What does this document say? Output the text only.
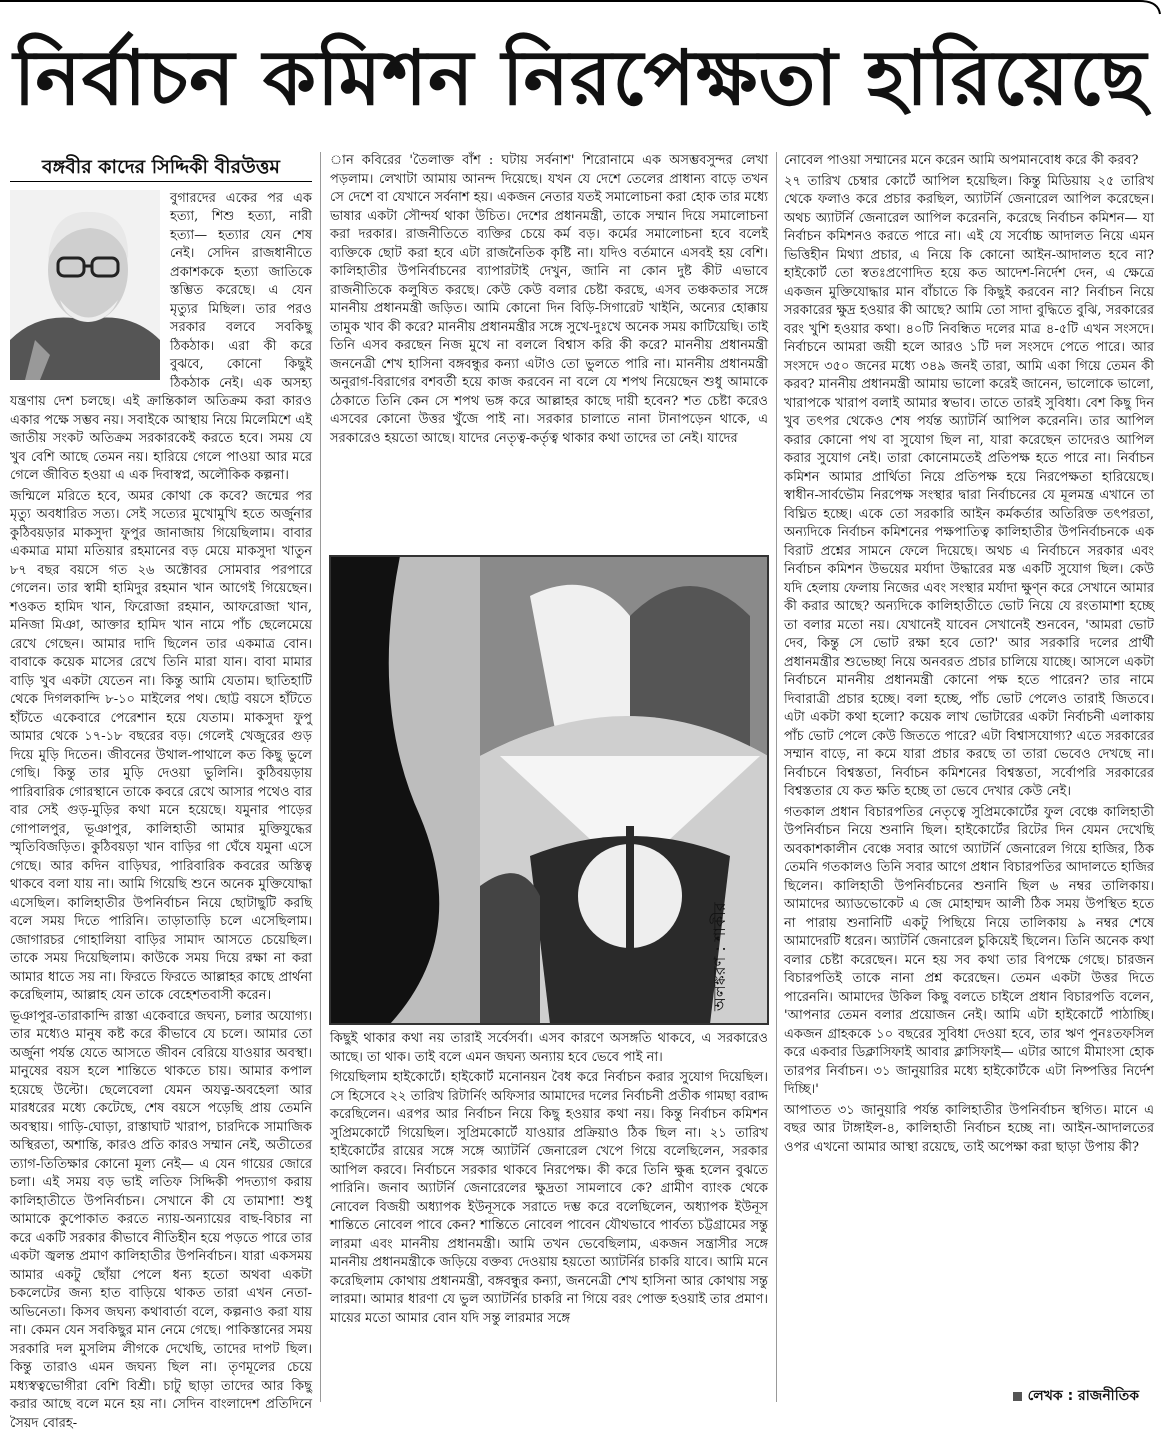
নির্বাচন কমিশন নিরপেক্ষতা হারিয়েছে
বঙ্গবীর কাদের সিদ্দিকী বীরউত্তম

বুগারদের একের পর এক হত্যা, শিশু হত্যা, নারী হত্যা— হত্যার যেন শেষ নেই। সেদিন রাজধানীতে প্রকাশককে হত্যা জাতিকে স্তম্ভিত করেছে। এ যেন মৃত্যুর মিছিল। তার পরও সরকার বলবে সবকিছু ঠিকঠাক। এরা কী করে বুঝবে, কোনো কিছুই ঠিকঠাক নেই। এক অসহ্য যন্ত্রণায় দেশ চলছে। এই ক্রান্তিকাল অতিক্রম করা কারও একার পক্ষে সম্ভব নয়। সবাইকে আস্থায় নিয়ে মিলেমিশে এই জাতীয় সংকট অতিক্রম সরকারকেই করতে হবে। সময় যে খুব বেশি আছে তেমন নয়। হারিয়ে গেলে পাওয়া আর মরে গেলে জীবিত হওয়া এ এক দিবাস্বপ্ন, অলৌকিক কল্পনা।

জন্মিলে মরিতে হবে, অমর কোথা কে কবে? জন্মের পর মৃত্যু অবধারিত সত্য। সেই সত্যের মুখোমুখি হতে অর্জুনার কুঠিবয়ড়ার মাকসুদা ফুপুর জানাজায় গিয়েছিলাম। বাবার একমাত্র মামা মতিয়ার রহমানের বড় মেয়ে মাকসুদা খাতুন ৮৭ বছর বয়সে গত ২৬ অক্টোবর সোমবার পরপারে গেলেন। তার স্বামী হামিদুর রহমান খান আগেই গিয়েছেন। শওকত হামিদ খান, ফিরোজা রহমান, আফরোজা খান, মনিজা মিঞা, আক্তার হামিদ খান নামে পাঁচ ছেলেমেয়ে রেখে গেছেন। আমার দাদি ছিলেন তার একমাত্র বোন। বাবাকে কয়েক মাসের রেখে তিনি মারা যান। বাবা মামার বাড়ি খুব একটা যেতেন না। কিন্তু আমি যেতাম। ছাতিহাটি থেকে দিগলকান্দি ৮-১০ মাইলের পথ। ছোট্ট বয়সে হাঁটতে হাঁটতে একেবারে পেরেশান হয়ে যেতাম। মাকসুদা ফুপু আমার থেকে ১৭-১৮ বছরের বড়। গেলেই খেজুরের গুড় দিয়ে মুড়ি দিতেন। জীবনের উথাল-পাথালে কত কিছু ভুলে গেছি। কিন্তু তার মুড়ি দেওয়া ভুলিনি। কুঠিবয়ড়ায় পারিবারিক গোরস্থানে তাকে কবরে রেখে আসার পথেও বার বার সেই গুড়-মুড়ির কথা মনে হয়েছে। যমুনার পাড়ের গোপালপুর, ভূঞাপুর, কালিহাতী আমার মুক্তিযুদ্ধের স্মৃতিবিজড়িত। কুঠিবয়ড়া খান বাড়ির গা ঘেঁষে যমুনা এসে গেছে। আর কদিন বাড়িঘর, পারিবারিক কবরের অস্তিত্ব থাকবে বলা যায় না। আমি গিয়েছি শুনে অনেক মুক্তিযোদ্ধা এসেছিল। কালিহাতীর উপনির্বাচন নিয়ে ছোটাছুটি করছি বলে সময় দিতে পারিনি। তাড়াতাড়ি চলে এসেছিলাম। জোগারচর গোহালিয়া বাড়ির সামাদ আসতে চেয়েছিল। তাকে সময় দিয়েছিলাম। কাউকে সময় দিয়ে রক্ষা না করা আমার ধাতে সয় না। ফিরতে ফিরতে আল্লাহর কাছে প্রার্থনা করেছিলাম, আল্লাহ যেন তাকে বেহেশতবাসী করেন।

ভূঞাপুর-তারাকান্দি রাস্তা একেবারে জঘন্য, চলার অযোগ্য। তার মধ্যেও মানুষ কষ্ট করে কীভাবে যে চলে। আমার তো অর্জুনা পর্যন্ত যেতে আসতে জীবন বেরিয়ে যাওয়ার অবস্থা। মানুষের বয়স হলে শান্তিতে থাকতে চায়। আমার কপাল হয়েছে উল্টো। ছেলেবেলা যেমন অযত্ন-অবহেলা আর মারধরের মধ্যে কেটেছে, শেষ বয়সে পড়েছি প্রায় তেমনি অবস্থায়। গাড়ি-ঘোড়া, রাস্তাঘাট খারাপ, চারদিকে সামাজিক অস্থিরতা, অশান্তি, কারও প্রতি কারও সম্মান নেই, অতীতের ত্যাগ-তিতিক্ষার কোনো মূল্য নেই— এ যেন গায়ের জোরে চলা। এই সময় বড় ভাই লতিফ সিদ্দিকী পদত্যাগ করায় কালিহাতীতে উপনির্বাচন। সেখানে কী যে তামাশা! শুধু আমাকে কুপোকাত করতে ন্যায়-অন্যায়ের বাছ-বিচার না করে একটি সরকার কীভাবে নীতিহীন হয়ে পড়তে পারে তার একটা জ্বলন্ত প্রমাণ কালিহাতীর উপনির্বাচন। যারা একসময় আমার একটু ছোঁয়া পেলে ধন্য হতো অথবা একটা চকলেটের জন্য হাত বাড়িয়ে থাকত তারা এখন নেতা-অভিনেতা। কিসব জঘন্য কথাবার্তা বলে, কল্পনাও করা যায় না। কেমন যেন সবকিছুর মান নেমে গেছে। পাকিস্তানের সময় সরকারি দল মুসলিম লীগকে দেখেছি, তাদের দাপট ছিল। কিন্তু তারাও এমন জঘন্য ছিল না। তৃণমূলের চেয়ে মধ্যস্বত্বভোগীরা বেশি বিশ্রী। চাটু ছাড়া তাদের আর কিছু করার আছে বলে মনে হয় না। সেদিন বাংলাদেশ প্রতিদিনে সৈয়দ বোরহ-

ান কবিরের 'তৈলাক্ত বাঁশ : ঘটায় সর্বনাশ' শিরোনামে এক অসম্ভবসুন্দর লেখা পড়লাম। লেখাটা আমায় আনন্দ দিয়েছে। যখন যে দেশে তেলের প্রাধান্য বাড়ে তখন সে দেশে বা যেখানে সর্বনাশ হয়। একজন নেতার যতই সমালোচনা করা হোক তার মধ্যে ভাষার একটা সৌন্দর্য থাকা উচিত। দেশের প্রধানমন্ত্রী, তাকে সম্মান দিয়ে সমালোচনা করা দরকার। রাজনীতিতে ব্যক্তির চেয়ে কর্ম বড়। কর্মের সমালোচনা হবে বলেই ব্যক্তিকে ছোট করা হবে এটা রাজনৈতিক কৃষ্টি না। যদিও বর্তমানে এসবই হয় বেশি। কালিহাতীর উপনির্বাচনের ব্যাপারটাই দেখুন, জানি না কোন দুষ্ট কীট এভাবে রাজনীতিকে কলুষিত করছে। কেউ কেউ বলার চেষ্টা করছে, এসব তঞ্চকতার সঙ্গে মাননীয় প্রধানমন্ত্রী জড়িত। আমি কোনো দিন বিড়ি-সিগারেট খাইনি, অন্যের হোক্কায় তামুক খাব কী করে? মাননীয় প্রধানমন্ত্রীর সঙ্গে সুখে-দুঃখে অনেক সময় কাটিয়েছি। তাই তিনি এসব করছেন নিজ মুখে না বললে বিশ্বাস করি কী করে? মাননীয় প্রধানমন্ত্রী জননেত্রী শেখ হাসিনা বঙ্গবন্ধুর কন্যা এটাও তো ভুলতে পারি না। মাননীয় প্রধানমন্ত্রী অনুরাগ-বিরাগের বশবর্তী হয়ে কাজ করবেন না বলে যে শপথ নিয়েছেন শুধু আমাকে ঠেকাতে তিনি কেন সে শপথ ভঙ্গ করে আল্লাহর কাছে দায়ী হবেন? শত চেষ্টা করেও এসবের কোনো উত্তর খুঁজে পাই না। সরকার চালাতে নানা টানাপড়েন থাকে, এ সরকারেও হয়তো আছে। যাদের নেতৃত্ব-কর্তৃত্ব থাকার কথা তাদের তা নেই। যাদের

অলঙ্করণ : শাকীর

কিছুই থাকার কথা নয় তারাই সর্বেসর্বা। এসব কারণে অসঙ্গতি থাকবে, এ সরকারেও আছে। তা থাক। তাই বলে এমন জঘন্য অন্যায় হবে ভেবে পাই না।

গিয়েছিলাম হাইকোর্টে। হাইকোর্ট মনোনয়ন বৈধ করে নির্বাচন করার সুযোগ দিয়েছিল। সে হিসেবে ২২ তারিখ রিটার্নিং অফিসার আমাদের দলের নির্বাচনী প্রতীক গামছা বরাদ্দ করেছিলেন। এরপর আর নির্বাচন নিয়ে কিছু হওয়ার কথা নয়। কিন্তু নির্বাচন কমিশন সুপ্রিমকোর্টে গিয়েছিল। সুপ্রিমকোর্টে যাওয়ার প্রক্রিয়াও ঠিক ছিল না। ২১ তারিখ হাইকোর্টের রায়ের সঙ্গে সঙ্গে অ্যাটর্নি জেনারেল খেপে গিয়ে বলেছিলেন, সরকার আপিল করবে। নির্বাচনে সরকার থাকবে নিরপেক্ষ। কী করে তিনি ক্ষুব্ধ হলেন বুঝতে পারিনি। জনাব অ্যাটর্নি জেনারেলের ক্ষুদ্রতা সামলাবে কে? গ্রামীণ ব্যাংক থেকে নোবেল বিজয়ী অধ্যাপক ইউনূসকে সরাতে দম্ভ করে বলেছিলেন, অধ্যাপক ইউনূস শান্তিতে নোবেল পাবে কেন? শান্তিতে নোবেল পাবেন যৌথভাবে পার্বত্য চট্টগ্রামের সন্তু লারমা এবং মাননীয় প্রধানমন্ত্রী। আমি তখন ভেবেছিলাম, একজন সন্ত্রাসীর সঙ্গে মাননীয় প্রধানমন্ত্রীকে জড়িয়ে বক্তব্য দেওয়ায় হয়তো অ্যাটর্নির চাকরি যাবে। আমি মনে করেছিলাম কোথায় প্রধানমন্ত্রী, বঙ্গবন্ধুর কন্যা, জননেত্রী শেখ হাসিনা আর কোথায় সন্তু লারমা। আমার ধারণা যে ভুল অ্যাটর্নির চাকরি না গিয়ে বরং পোক্ত হওয়াই তার প্রমাণ। মায়ের মতো আমার বোন যদি সন্তু লারমার সঙ্গে

নোবেল পাওয়া সম্মানের মনে করেন আমি অপমানবোধ করে কী করব?

২৭ তারিখ চেম্বার কোর্টে আপিল হয়েছিল। কিন্তু মিডিয়ায় ২৫ তারিখ থেকে ফলাও করে প্রচার করছিল, অ্যাটর্নি জেনারেল আপিল করেছেন। অথচ অ্যাটর্নি জেনারেল আপিল করেননি, করেছে নির্বাচন কমিশন— যা নির্বাচন কমিশনও করতে পারে না। এই যে সর্বোচ্চ আদালত নিয়ে এমন ভিত্তিহীন মিথ্যা প্রচার, এ নিয়ে কি কোনো আইন-আদালত হবে না? হাইকোর্ট তো স্বতঃপ্রণোদিত হয়ে কত আদেশ-নির্দেশ দেন, এ ক্ষেত্রে একজন মুক্তিযোদ্ধার মান বাঁচাতে কি কিছুই করবেন না? নির্বাচন নিয়ে সরকারের ক্ষুদ্র হওয়ার কী আছে? আমি তো সাদা বুদ্ধিতে বুঝি, সরকারের বরং খুশি হওয়ার কথা। ৪০টি নিবন্ধিত দলের মাত্র ৪-৫টি এখন সংসদে। নির্বাচনে আমরা জয়ী হলে আরও ১টি দল সংসদে পেতে পারে। আর সংসদে ৩৫০ জনের মধ্যে ৩৪৯ জনই তারা, আমি একা গিয়ে তেমন কী করব? মাননীয় প্রধানমন্ত্রী আমায় ভালো করেই জানেন, ভালোকে ভালো, খারাপকে খারাপ বলাই আমার স্বভাব। তাতে তারই সুবিধা। বেশ কিছু দিন খুব তৎপর থেকেও শেষ পর্যন্ত অ্যাটর্নি আপিল করেননি। তার আপিল করার কোনো পথ বা সুযোগ ছিল না, যারা করেছেন তাদেরও আপিল করার সুযোগ নেই। তারা কোনোমতেই প্রতিপক্ষ হতে পারে না। নির্বাচন কমিশন আমার প্রার্থিতা নিয়ে প্রতিপক্ষ হয়ে নিরপেক্ষতা হারিয়েছে। স্বাধীন-সার্বভৌম নিরপেক্ষ সংস্থার দ্বারা নির্বাচনের যে মূলমন্ত্র এখানে তা বিঘ্নিত হচ্ছে। একে তো সরকারি আইন কর্মকর্তার অতিরিক্ত তৎপরতা, অন্যদিকে নির্বাচন কমিশনের পক্ষপাতিত্ব কালিহাতীর উপনির্বাচনকে এক বিরাট প্রশ্নের সামনে ফেলে দিয়েছে। অথচ এ নির্বাচনে সরকার এবং নির্বাচন কমিশন উভয়ের মর্যাদা উদ্ধারের মস্ত একটি সুযোগ ছিল। কেউ যদি হেলায় ফেলায় নিজের এবং সংস্থার মর্যাদা ক্ষুণ্ন করে সেখানে আমার কী করার আছে? অন্যদিকে কালিহাতীতে ভোট নিয়ে যে রংতামাশা হচ্ছে তা বলার মতো নয়। যেখানেই যাবেন সেখানেই শুনবেন, 'আমরা ভোট দেব, কিন্তু সে ভোট রক্ষা হবে তো?' আর সরকারি দলের প্রার্থী প্রধানমন্ত্রীর শুভেচ্ছা নিয়ে অনবরত প্রচার চালিয়ে যাচ্ছে। আসলে একটা নির্বাচনে মাননীয় প্রধানমন্ত্রী কোনো পক্ষ হতে পারেন? তার নামে দিবারাত্রী প্রচার হচ্ছে। বলা হচ্ছে, পাঁচ ভোট পেলেও তারাই জিতবে। এটা একটা কথা হলো? কয়েক লাখ ভোটারের একটা নির্বাচনী এলাকায় পাঁচ ভোট পেলে কেউ জিততে পারে? এটা বিশ্বাসযোগ্য? এতে সরকারের সম্মান বাড়ে, না কমে যারা প্রচার করছে তা তারা ভেবেও দেখছে না। নির্বাচনে বিশ্বস্ততা, নির্বাচন কমিশনের বিশ্বস্ততা, সর্বোপরি সরকারের বিশ্বস্ততার যে কত ক্ষতি হচ্ছে তা ভেবে দেখার কেউ নেই।

গতকাল প্রধান বিচারপতির নেতৃত্বে সুপ্রিমকোর্টের ফুল বেঞ্চে কালিহাতী উপনির্বাচন নিয়ে শুনানি ছিল। হাইকোর্টের রিটের দিন যেমন দেখেছি অবকাশকালীন বেঞ্চে সবার আগে অ্যাটর্নি জেনারেল গিয়ে হাজির, ঠিক তেমনি গতকালও তিনি সবার আগে প্রধান বিচারপতির আদালতে হাজির ছিলেন। কালিহাতী উপনির্বাচনের শুনানি ছিল ৬ নম্বর তালিকায়। আমাদের অ্যাডভোকেট এ জে মোহাম্মদ আলী ঠিক সময় উপস্থিত হতে না পারায় শুনানিটি একটু পিছিয়ে নিয়ে তালিকায় ৯ নম্বর শেষে আমাদেরটি ধরেন। অ্যাটর্নি জেনারেল চুকিয়েই ছিলেন। তিনি অনেক কথা বলার চেষ্টা করেছেন। মনে হয় সব কথা তার বিপক্ষে গেছে। চারজন বিচারপতিই তাকে নানা প্রশ্ন করেছেন। তেমন একটা উত্তর দিতে পারেননি। আমাদের উকিল কিছু বলতে চাইলে প্রধান বিচারপতি বলেন, 'আপনার তেমন বলার প্রয়োজন নেই। আমি এটা হাইকোর্টে পাঠাচ্ছি। একজন গ্রাহককে ১০ বছরের সুবিধা দেওয়া হবে, তার ঋণ পুনঃতফসিল করে একবার ডিক্লাসিফাই আবার ক্লাসিফাই— এটার আগে মীমাংসা হোক তারপর নির্বাচন। ৩১ জানুয়ারির মধ্যে হাইকোর্টকে এটা নিষ্পত্তির নির্দেশ দিচ্ছি।'

আপাতত ৩১ জানুয়ারি পর্যন্ত কালিহাতীর উপনির্বাচন স্থগিত। মানে এ বছর আর টাঙ্গাইল-৪, কালিহাতী নির্বাচন হচ্ছে না। আইন-আদালতের ওপর এখনো আমার আস্থা রয়েছে, তাই অপেক্ষা করা ছাড়া উপায় কী?

লেখক : রাজনীতিক
